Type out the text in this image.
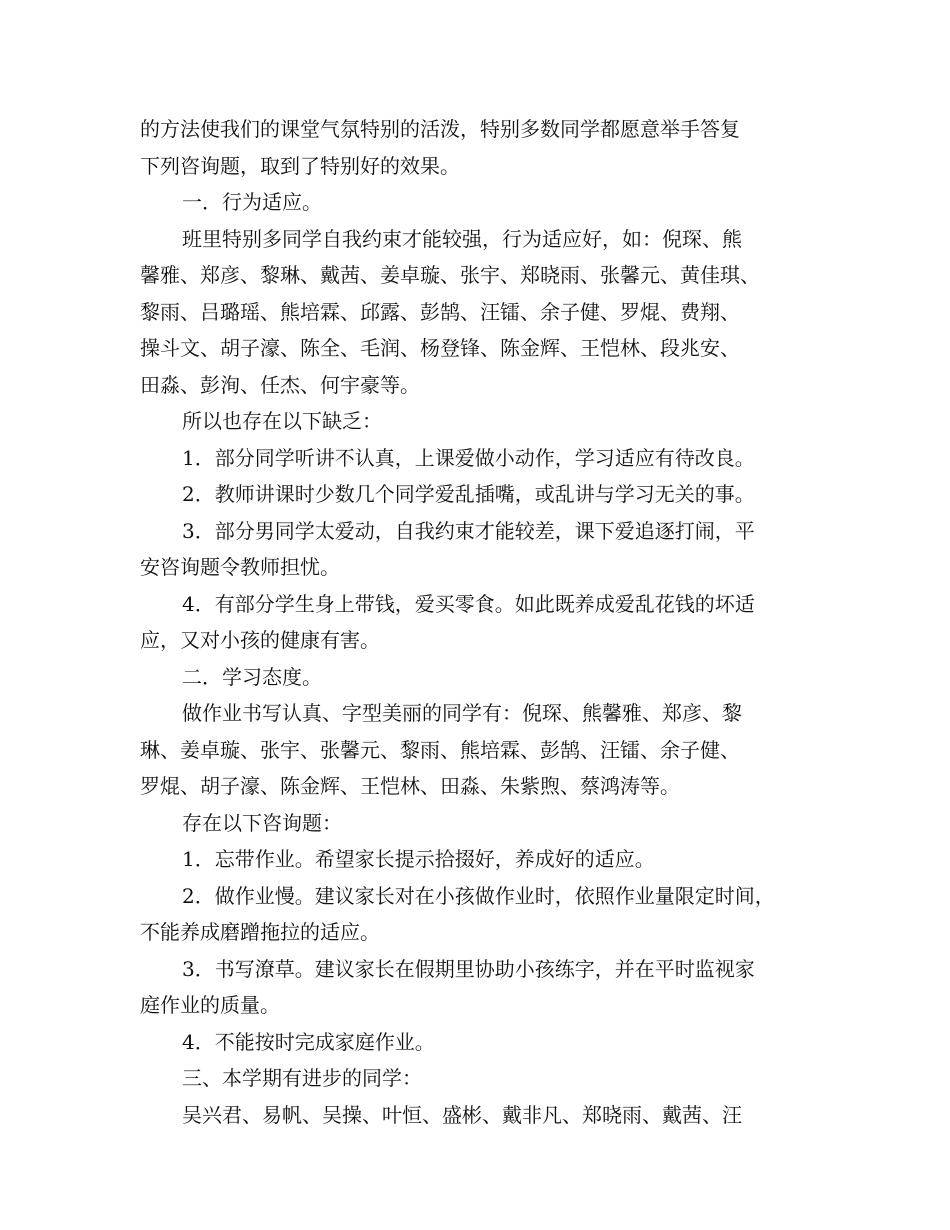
的方法使我们的课堂气氛特别的活泼，特别多数同学都愿意举手答复

下列咨询题，取到了特别好的效果。

一．行为适应。

班里特别多同学自我约束才能较强，行为适应好，如：倪琛、熊

馨雅、郑彦、黎琳、戴茜、姜卓璇、张宇、郑晓雨、张馨元、黄佳琪、

黎雨、吕璐瑶、熊培霖、邱露、彭鹄、汪镭、余子健、罗焜、费翔、

操斗文、胡子濠、陈全、毛润、杨登锋、陈金辉、王恺林、段兆安、

田淼、彭洵、任杰、何宇豪等。

所以也存在以下缺乏：

1．部分同学听讲不认真，上课爱做小动作，学习适应有待改良。

2．教师讲课时少数几个同学爱乱插嘴，或乱讲与学习无关的事。

3．部分男同学太爱动，自我约束才能较差，课下爱追逐打闹，平

安咨询题令教师担忧。

4．有部分学生身上带钱，爱买零食。如此既养成爱乱花钱的坏适

应，又对小孩的健康有害。

二．学习态度。

做作业书写认真、字型美丽的同学有：倪琛、熊馨雅、郑彦、黎

琳、姜卓璇、张宇、张馨元、黎雨、熊培霖、彭鹄、汪镭、余子健、

罗焜、胡子濠、陈金辉、王恺林、田淼、朱紫煦、蔡鸿涛等。

存在以下咨询题：

1．忘带作业。希望家长提示拾掇好，养成好的适应。

2．做作业慢。建议家长对在小孩做作业时，依照作业量限定时间，

不能养成磨蹭拖拉的适应。

3．书写潦草。建议家长在假期里协助小孩练字，并在平时监视家

庭作业的质量。

4．不能按时完成家庭作业。

三、本学期有进步的同学：

吴兴君、易帆、吴操、叶恒、盛彬、戴非凡、郑晓雨、戴茜、汪
